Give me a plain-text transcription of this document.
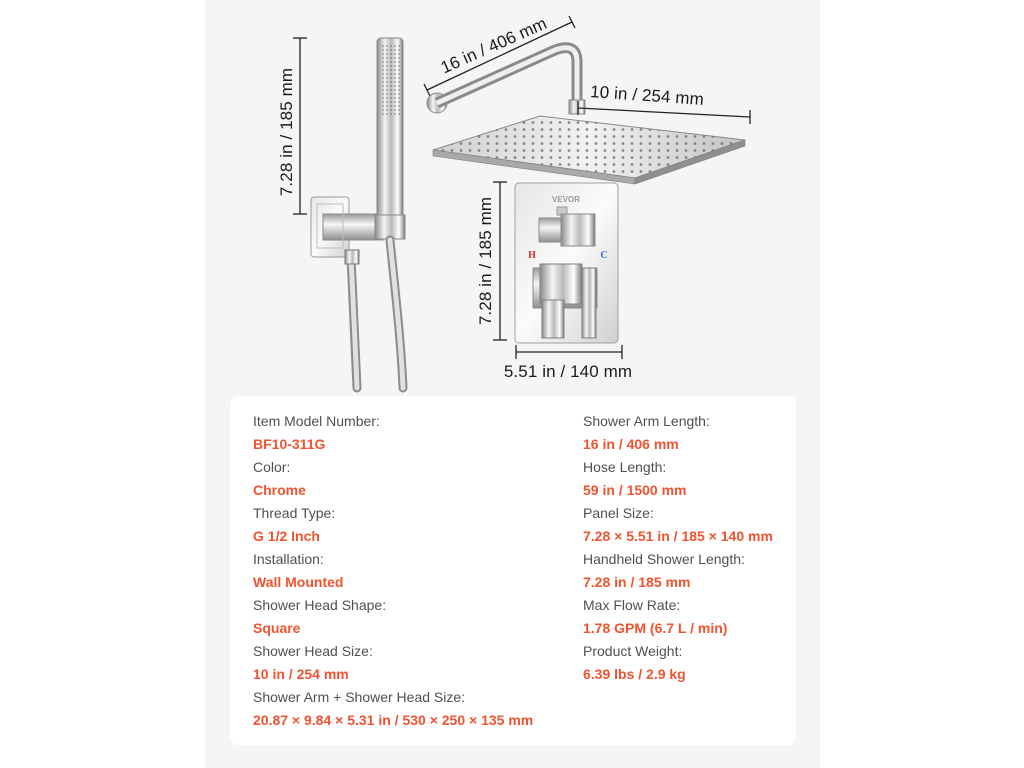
VEVOR
H	C
7.28 in / 185 mm
16 in / 406 mm
10 in / 254 mm
7.28 in / 185 mm
5.51 in / 140 mm
Item Model Number:
BF10-311G
Color:
Chrome
Thread Type:
G 1/2 Inch
Installation:
Wall Mounted
Shower Head Shape:
Square
Shower Head Size:
10 in / 254 mm
Shower Arm + Shower Head Size:
20.87 × 9.84 × 5.31 in / 530 × 250 × 135 mm
Shower Arm Length:
16 in / 406 mm
Hose Length:
59 in / 1500 mm
Panel Size:
7.28 × 5.51 in / 185 × 140 mm
Handheld Shower Length:
7.28 in / 185 mm
Max Flow Rate:
1.78 GPM (6.7 L / min)
Product Weight:
6.39 lbs / 2.9 kg
